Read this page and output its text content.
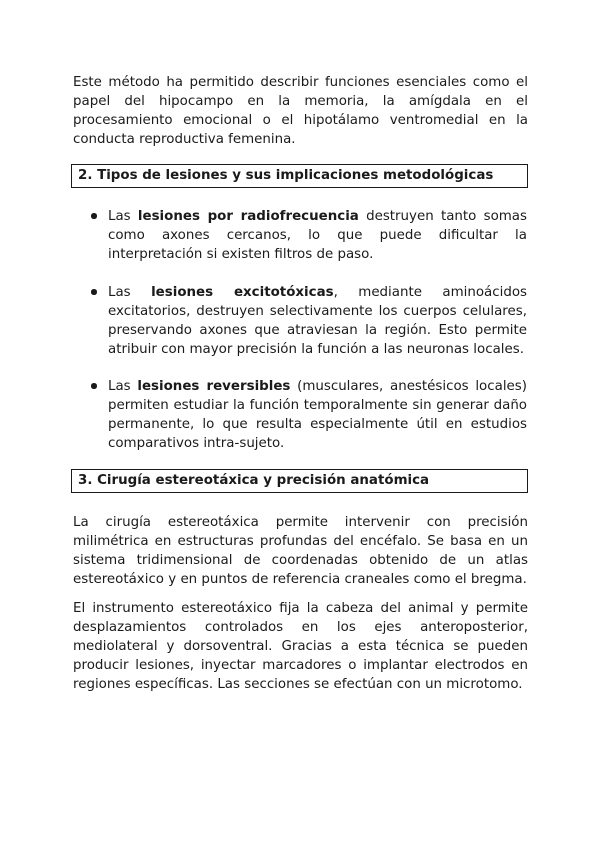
Este método ha permitido describir funciones esenciales como el papel del hipocampo en la memoria, la amígdala en el procesamiento emocional o el hipotálamo ventromedial en la conducta reproductiva femenina.

2. Tipos de lesiones y sus implicaciones metodológicas
Las lesiones por radiofrecuencia destruyen tanto somas como axones cercanos, lo que puede dificultar la interpretación si existen filtros de paso.
Las lesiones excitotóxicas, mediante aminoácidos excitatorios, destruyen selectivamente los cuerpos celulares, preservando axones que atraviesan la región. Esto permite atribuir con mayor precisión la función a las neuronas locales.
Las lesiones reversibles (musculares, anestésicos locales) permiten estudiar la función temporalmente sin generar daño permanente, lo que resulta especialmente útil en estudios comparativos intra-sujeto.
3. Cirugía estereotáxica y precisión anatómica

La cirugía estereotáxica permite intervenir con precisión milimétrica en estructuras profundas del encéfalo. Se basa en un sistema tridimensional de coordenadas obtenido de un atlas estereotáxico y en puntos de referencia craneales como el bregma.

El instrumento estereotáxico fija la cabeza del animal y permite desplazamientos controlados en los ejes anteroposterior, mediolateral y dorsoventral. Gracias a esta técnica se pueden producir lesiones, inyectar marcadores o implantar electrodos en regiones específicas. Las secciones se efectúan con un microtomo.
